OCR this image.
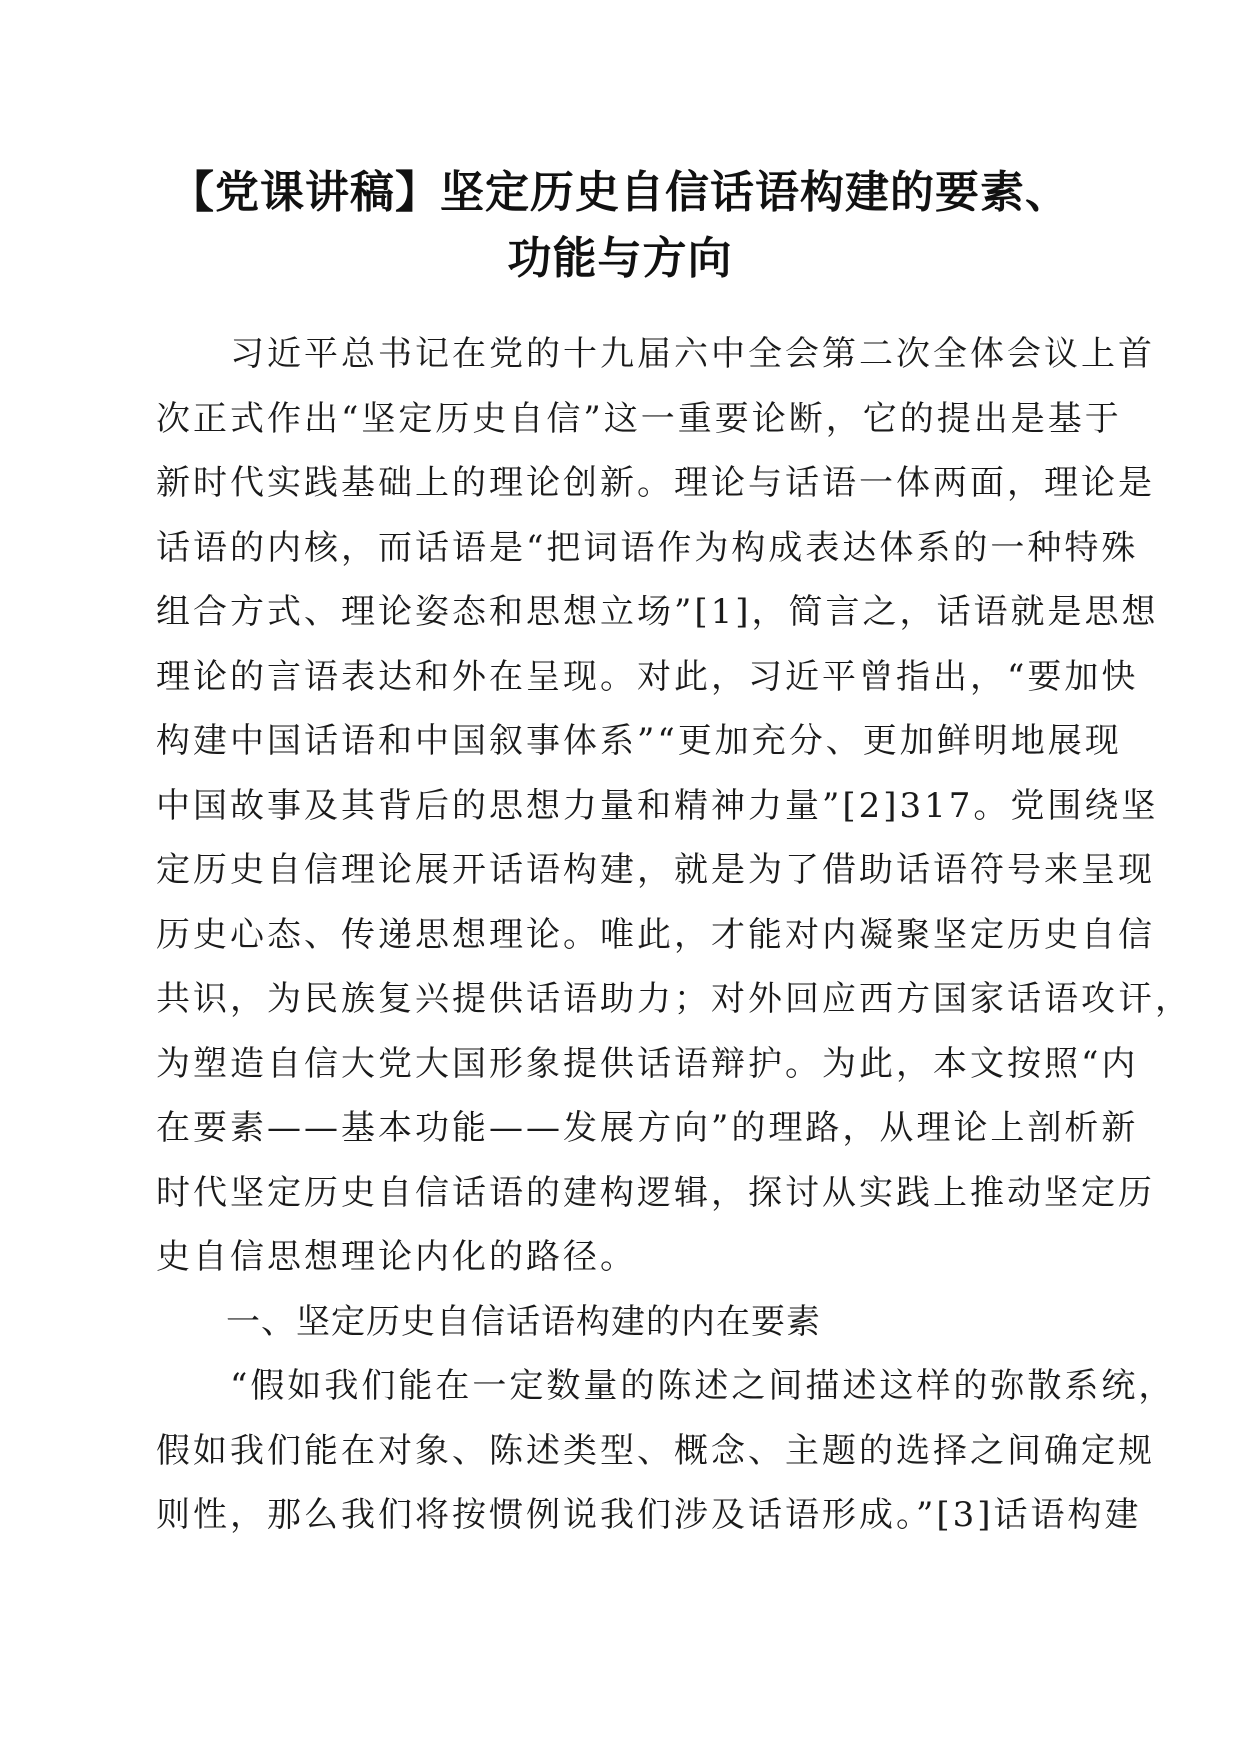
【党课讲稿】坚定历史自信话语构建的要素、
功能与方向
　　习近平总书记在党的十九届六中全会第二次全体会议上首
次正式作出“坚定历史自信”这一重要论断，它的提出是基于
新时代实践基础上的理论创新。理论与话语一体两面，理论是
话语的内核，而话语是“把词语作为构成表达体系的一种特殊
组合方式、理论姿态和思想立场”[1]，简言之，话语就是思想
理论的言语表达和外在呈现。对此，习近平曾指出，“要加快
构建中国话语和中国叙事体系”“更加充分、更加鲜明地展现
中国故事及其背后的思想力量和精神力量”[2]317。党围绕坚
定历史自信理论展开话语构建，就是为了借助话语符号来呈现
历史心态、传递思想理论。唯此，才能对内凝聚坚定历史自信
共识，为民族复兴提供话语助力；对外回应西方国家话语攻讦，
为塑造自信大党大国形象提供话语辩护。为此，本文按照“内
在要素——基本功能——发展方向”的理路，从理论上剖析新
时代坚定历史自信话语的建构逻辑，探讨从实践上推动坚定历
史自信思想理论内化的路径。
　　一、坚定历史自信话语构建的内在要素
　　“假如我们能在一定数量的陈述之间描述这样的弥散系统，
假如我们能在对象、陈述类型、概念、主题的选择之间确定规
则性，那么我们将按惯例说我们涉及话语形成。”[3]话语构建
